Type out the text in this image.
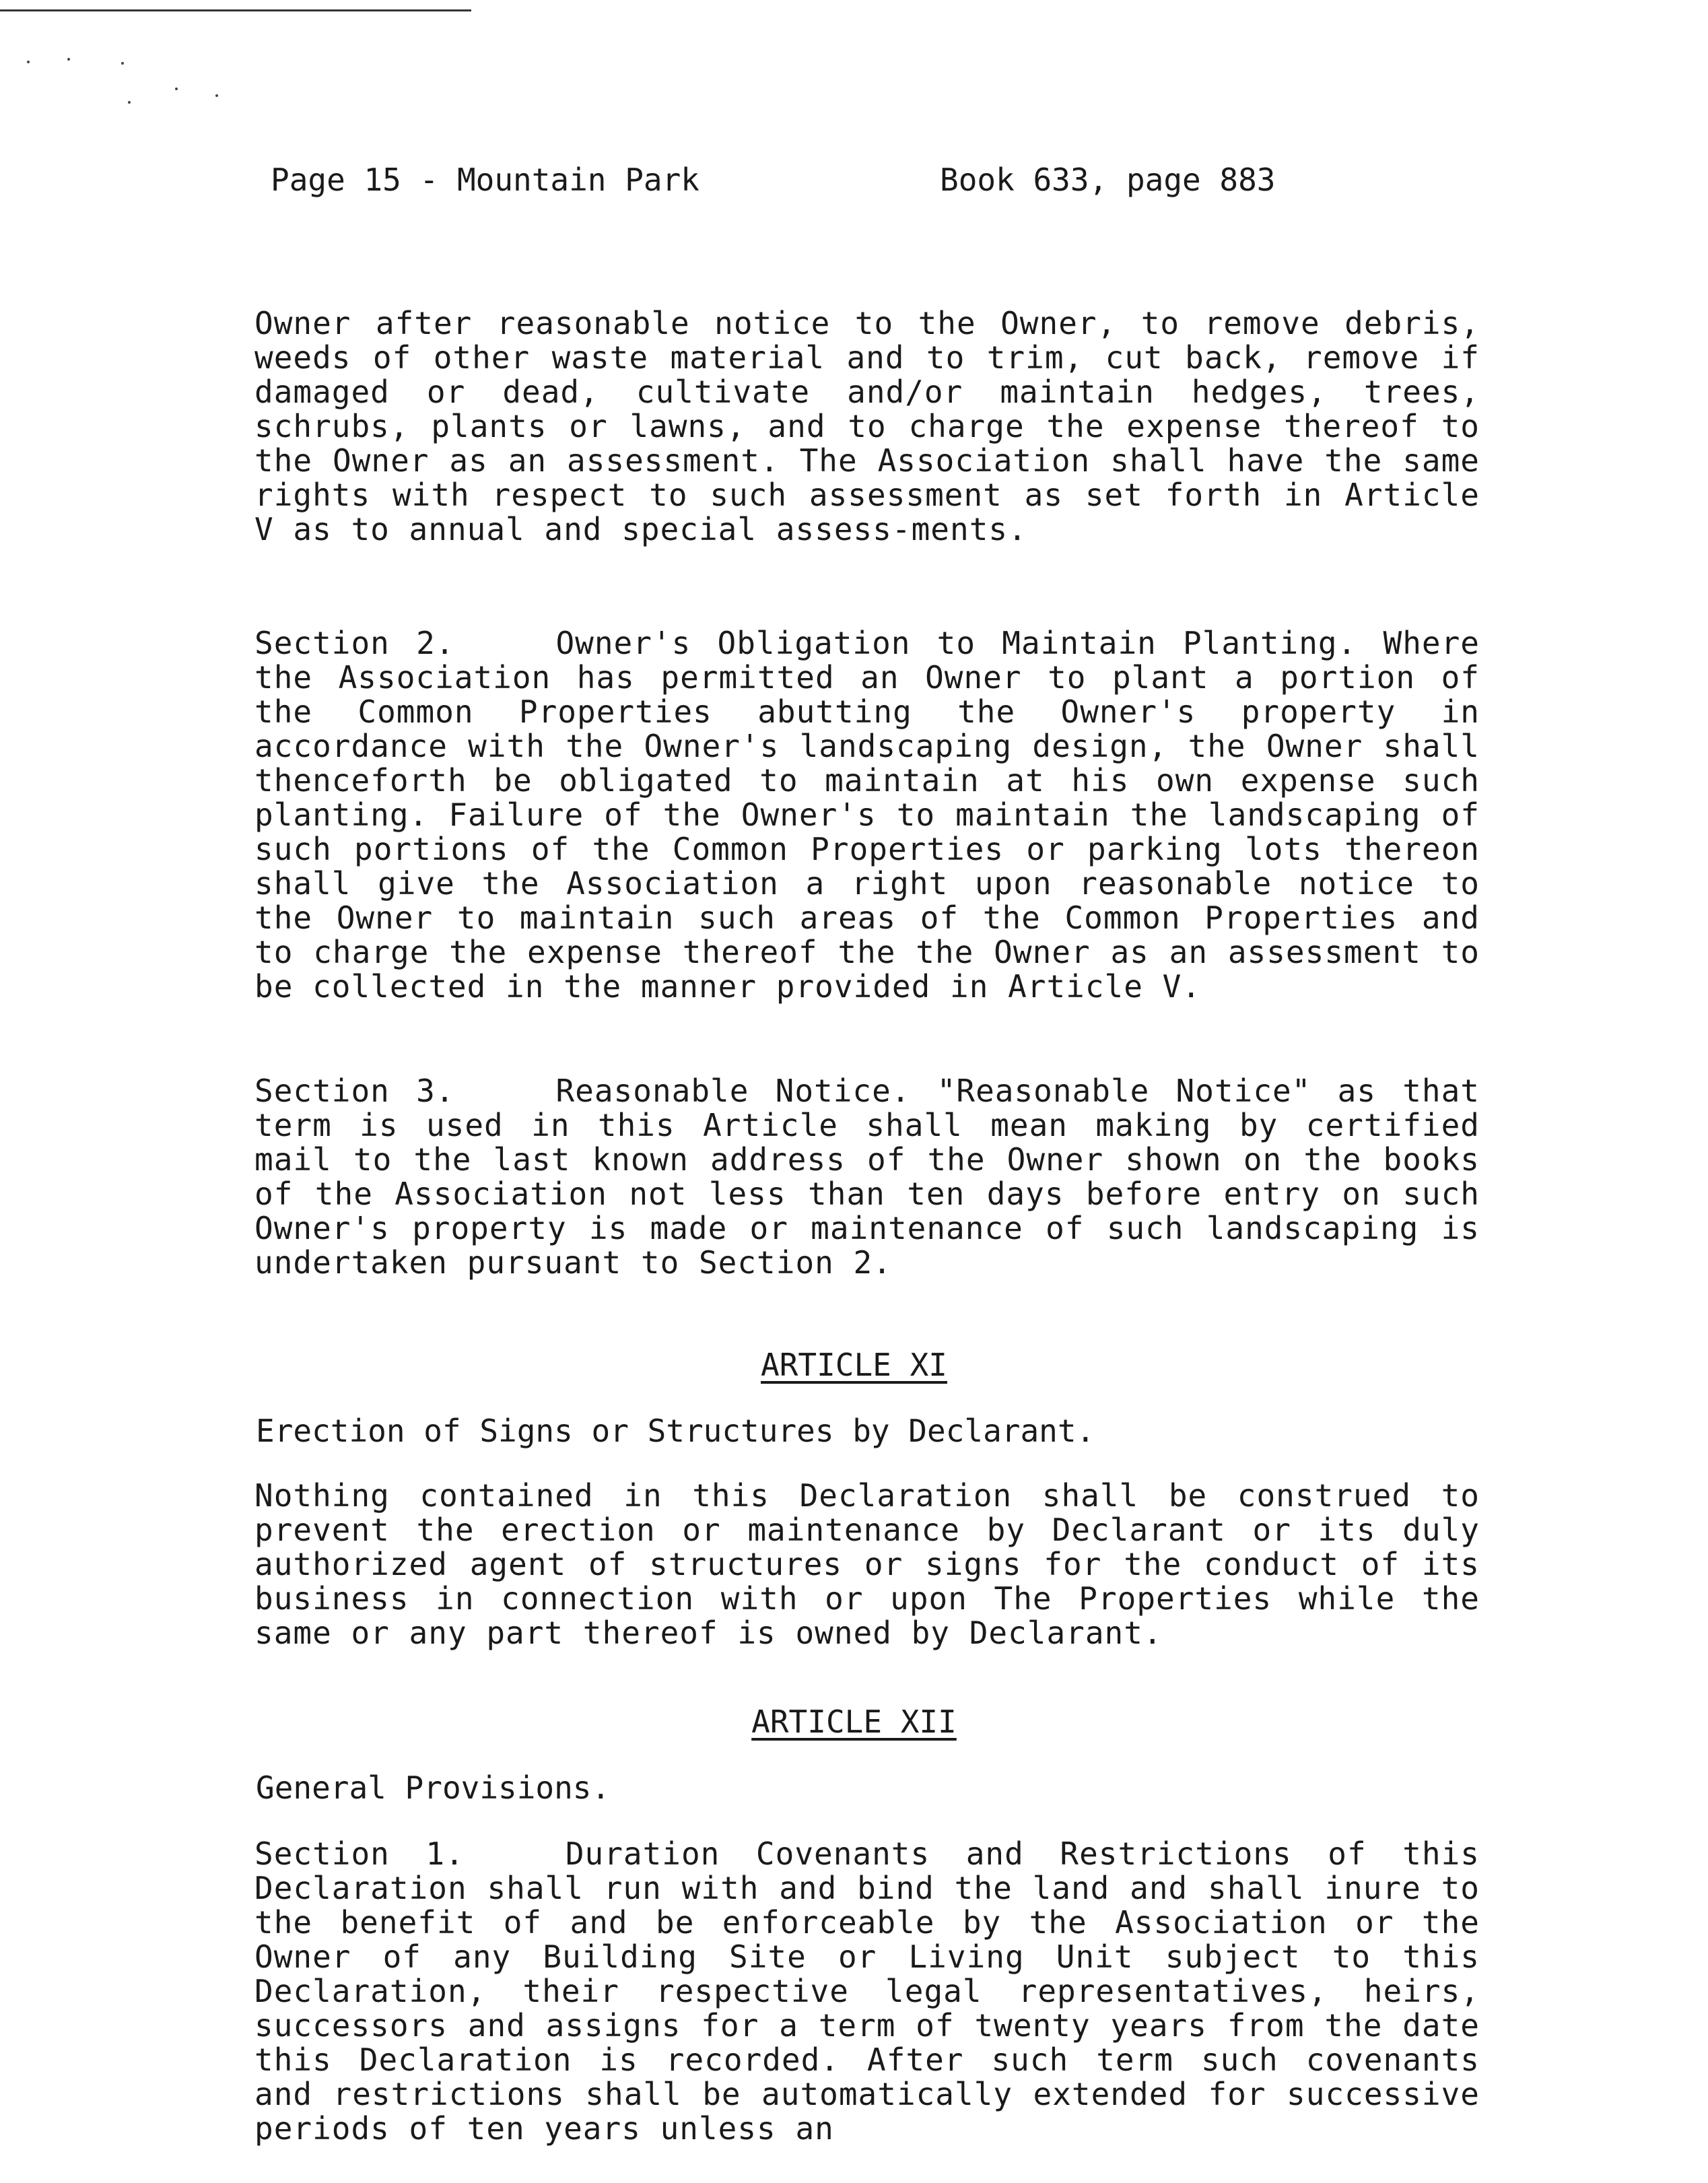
Page 15 - Mountain Park	Book 633, page 883
Owner after reasonable notice to the Owner, to remove debris, weeds of other waste material and to trim, cut back, remove if damaged or dead, cultivate and/or maintain hedges, trees, schrubs, plants or lawns, and to charge the expense thereof to the Owner as an assessment. The Association shall have the same rights with respect to such assessment as set forth in Article V as to annual and special assess-ments.
Section 2.	Owner's Obligation to Maintain Planting. Where the Association has permitted an Owner to plant a portion of the Common Properties abutting the Owner's property in accordance with the Owner's landscaping design, the Owner shall thenceforth be obligated to maintain at his own expense such planting. Failure of the Owner's to maintain the landscaping of such portions of the Common Properties or parking lots thereon shall give the Association a right upon reasonable notice to the Owner to maintain such areas of the Common Properties and to charge the expense thereof the the Owner as an assessment to be collected in the manner provided in Article V.
Section 3.	Reasonable Notice. "Reasonable Notice" as that term is used in this Article shall mean making by certified mail to the last known address of the Owner shown on the books of the Association not less than ten days before entry on such Owner's property is made or maintenance of such landscaping is undertaken pursuant to Section 2.
ARTICLE XI
Erection of Signs or Structures by Declarant.
Nothing contained in this Declaration shall be construed to prevent the erection or maintenance by Declarant or its duly authorized agent of structures or signs for the conduct of its business in connection with or upon The Properties while the same or any part thereof is owned by Declarant.
ARTICLE XII
General Provisions.
Section 1.	Duration Covenants and Restrictions of this Declaration shall run with and bind the land and shall inure to the benefit of and be enforceable by the Association or the Owner of any Building Site or Living Unit subject to this Declaration, their respective legal representatives, heirs, successors and assigns for a term of twenty years from the date this Declaration is recorded. After such term such covenants and restrictions shall be automatically extended for successive periods of ten years unless an
